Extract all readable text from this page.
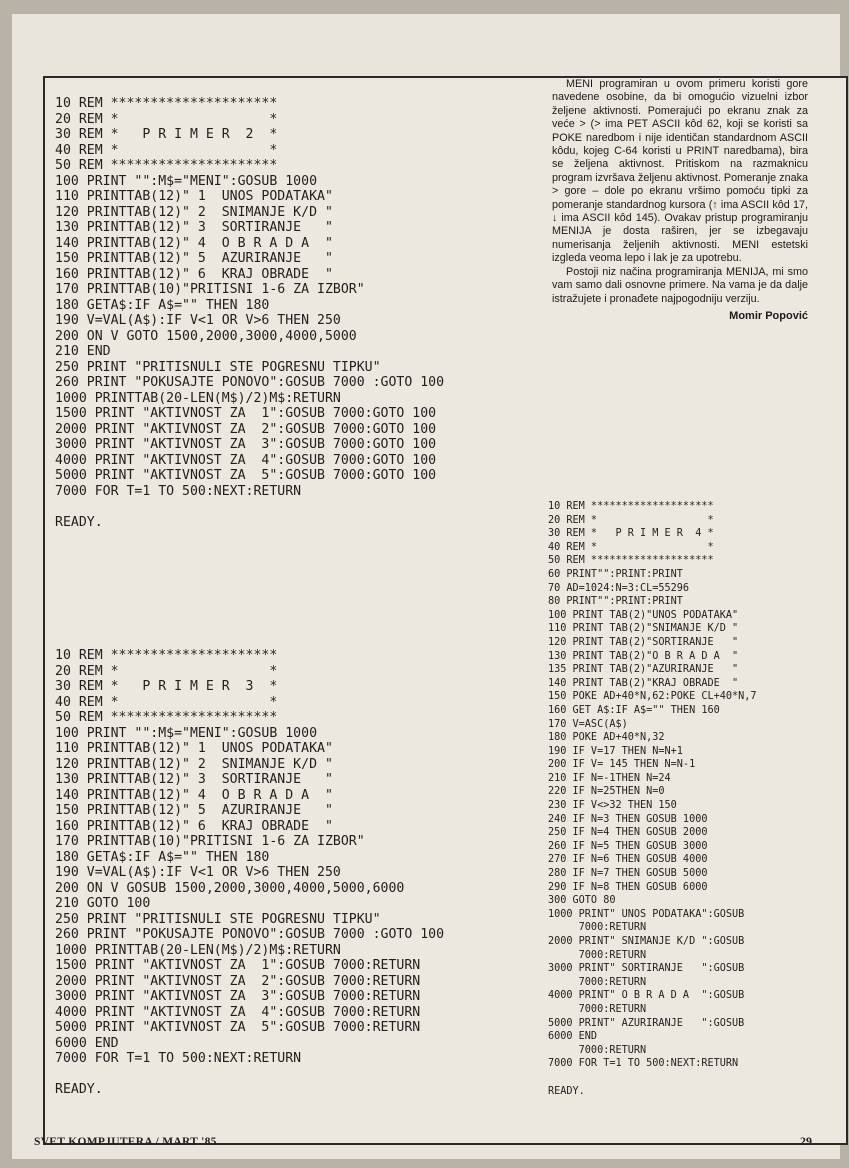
10 REM *********************
20 REM *                   *
30 REM *   P R I M E R  2  *
40 REM *                   *
50 REM *********************
100 PRINT "":M$="MENI":GOSUB 1000
110 PRINTTAB(12)" 1  UNOS PODATAKA"
120 PRINTTAB(12)" 2  SNIMANJE K/D "
130 PRINTTAB(12)" 3  SORTIRANJE   "
140 PRINTTAB(12)" 4  O B R A D A  "
150 PRINTTAB(12)" 5  AZURIRANJE   "
160 PRINTTAB(12)" 6  KRAJ OBRADE  "
170 PRINTTAB(10)"PRITISNI 1-6 ZA IZBOR"
180 GETA$:IF A$="" THEN 180
190 V=VAL(A$):IF V<1 OR V>6 THEN 250
200 ON V GOTO 1500,2000,3000,4000,5000
210 END
250 PRINT "PRITISNULI STE POGRESNU TIPKU"
260 PRINT "POKUSAJTE PONOVO":GOSUB 7000 :GOTO 100
1000 PRINTTAB(20-LEN(M$)/2)M$:RETURN
1500 PRINT "AKTIVNOST ZA  1":GOSUB 7000:GOTO 100
2000 PRINT "AKTIVNOST ZA  2":GOSUB 7000:GOTO 100
3000 PRINT "AKTIVNOST ZA  3":GOSUB 7000:GOTO 100
4000 PRINT "AKTIVNOST ZA  4":GOSUB 7000:GOTO 100
5000 PRINT "AKTIVNOST ZA  5":GOSUB 7000:GOTO 100
7000 FOR T=1 TO 500:NEXT:RETURN
READY.
10 REM *********************
20 REM *                   *
30 REM *   P R I M E R  3  *
40 REM *                   *
50 REM *********************
100 PRINT "":M$="MENI":GOSUB 1000
110 PRINTTAB(12)" 1  UNOS PODATAKA"
120 PRINTTAB(12)" 2  SNIMANJE K/D "
130 PRINTTAB(12)" 3  SORTIRANJE   "
140 PRINTTAB(12)" 4  O B R A D A  "
150 PRINTTAB(12)" 5  AZURIRANJE   "
160 PRINTTAB(12)" 6  KRAJ OBRADE  "
170 PRINTTAB(10)"PRITISNI 1-6 ZA IZBOR"
180 GETA$:IF A$="" THEN 180
190 V=VAL(A$):IF V<1 OR V>6 THEN 250
200 ON V GOSUB 1500,2000,3000,4000,5000,6000
210 GOTO 100
250 PRINT "PRITISNULI STE POGRESNU TIPKU"
260 PRINT "POKUSAJTE PONOVO":GOSUB 7000 :GOTO 100
1000 PRINTTAB(20-LEN(M$)/2)M$:RETURN
1500 PRINT "AKTIVNOST ZA  1":GOSUB 7000:RETURN
2000 PRINT "AKTIVNOST ZA  2":GOSUB 7000:RETURN
3000 PRINT "AKTIVNOST ZA  3":GOSUB 7000:RETURN
4000 PRINT "AKTIVNOST ZA  4":GOSUB 7000:RETURN
5000 PRINT "AKTIVNOST ZA  5":GOSUB 7000:RETURN
6000 END
7000 FOR T=1 TO 500:NEXT:RETURN
READY.
10 REM ********************
20 REM *                  *
30 REM *   P R I M E R  4 *
40 REM *                  *
50 REM ********************
60 PRINT"":PRINT:PRINT
70 AD=1024:N=3:CL=55296
80 PRINT"":PRINT:PRINT
100 PRINT TAB(2)"UNOS PODATAKA"
110 PRINT TAB(2)"SNIMANJE K/D "
120 PRINT TAB(2)"SORTIRANJE   "
130 PRINT TAB(2)"O B R A D A  "
135 PRINT TAB(2)"AZURIRANJE   "
140 PRINT TAB(2)"KRAJ OBRADE  "
150 POKE AD+40*N,62:POKE CL+40*N,7
160 GET A$:IF A$="" THEN 160
170 V=ASC(A$)
180 POKE AD+40*N,32
190 IF V=17 THEN N=N+1
200 IF V= 145 THEN N=N-1
210 IF N=-1THEN N=24
220 IF N=25THEN N=0
230 IF V<>32 THEN 150
240 IF N=3 THEN GOSUB 1000
250 IF N=4 THEN GOSUB 2000
260 IF N=5 THEN GOSUB 3000
270 IF N=6 THEN GOSUB 4000
280 IF N=7 THEN GOSUB 5000
290 IF N=8 THEN GOSUB 6000
300 GOTO 80
1000 PRINT" UNOS PODATAKA":GOSUB
7000:RETURN
2000 PRINT" SNIMANJE K/D ":GOSUB
7000:RETURN
3000 PRINT" SORTIRANJE   ":GOSUB
7000:RETURN
4000 PRINT" O B R A D A  ":GOSUB
7000:RETURN
5000 PRINT" AZURIRANJE   ":GOSUB
6000 END
7000:RETURN
7000 FOR T=1 TO 500:NEXT:RETURN
READY.

MENI programiran u ovom primeru koristi gore navedene osobine, da bi omogućio vizuelni izbor željene aktivnosti. Pomerajući po ekranu znak za veće > (> ima PET ASCII kôd 62, koji se koristi sa POKE naredbom i nije identičan standardnom ASCII kôdu, kojeg C-64 koristi u PRINT naredbama), bira se željena aktivnost. Pritiskom na razmaknicu program izvršava željenu aktivnost. Pomeranje znaka > gore – dole po ekranu vršimo pomoću tipki za pomeranje standardnog kursora (↑ ima ASCII kôd 17, ↓ ima ASCII kôd 145). Ovakav pristup programiranju MENIJA je dosta raširen, jer se izbegavaju numerisanja željenih aktivnosti. MENI estetski izgleda veoma lepo i lak je za upotrebu.

Postoji niz načina programiranja MENIJA, mi smo vam samo dali osnovne primere. Na vama je da dalje istražujete i pronađete najpogodniju verziju.

Momir Popović
SVET KOMPJUTERA / MART '85	29
